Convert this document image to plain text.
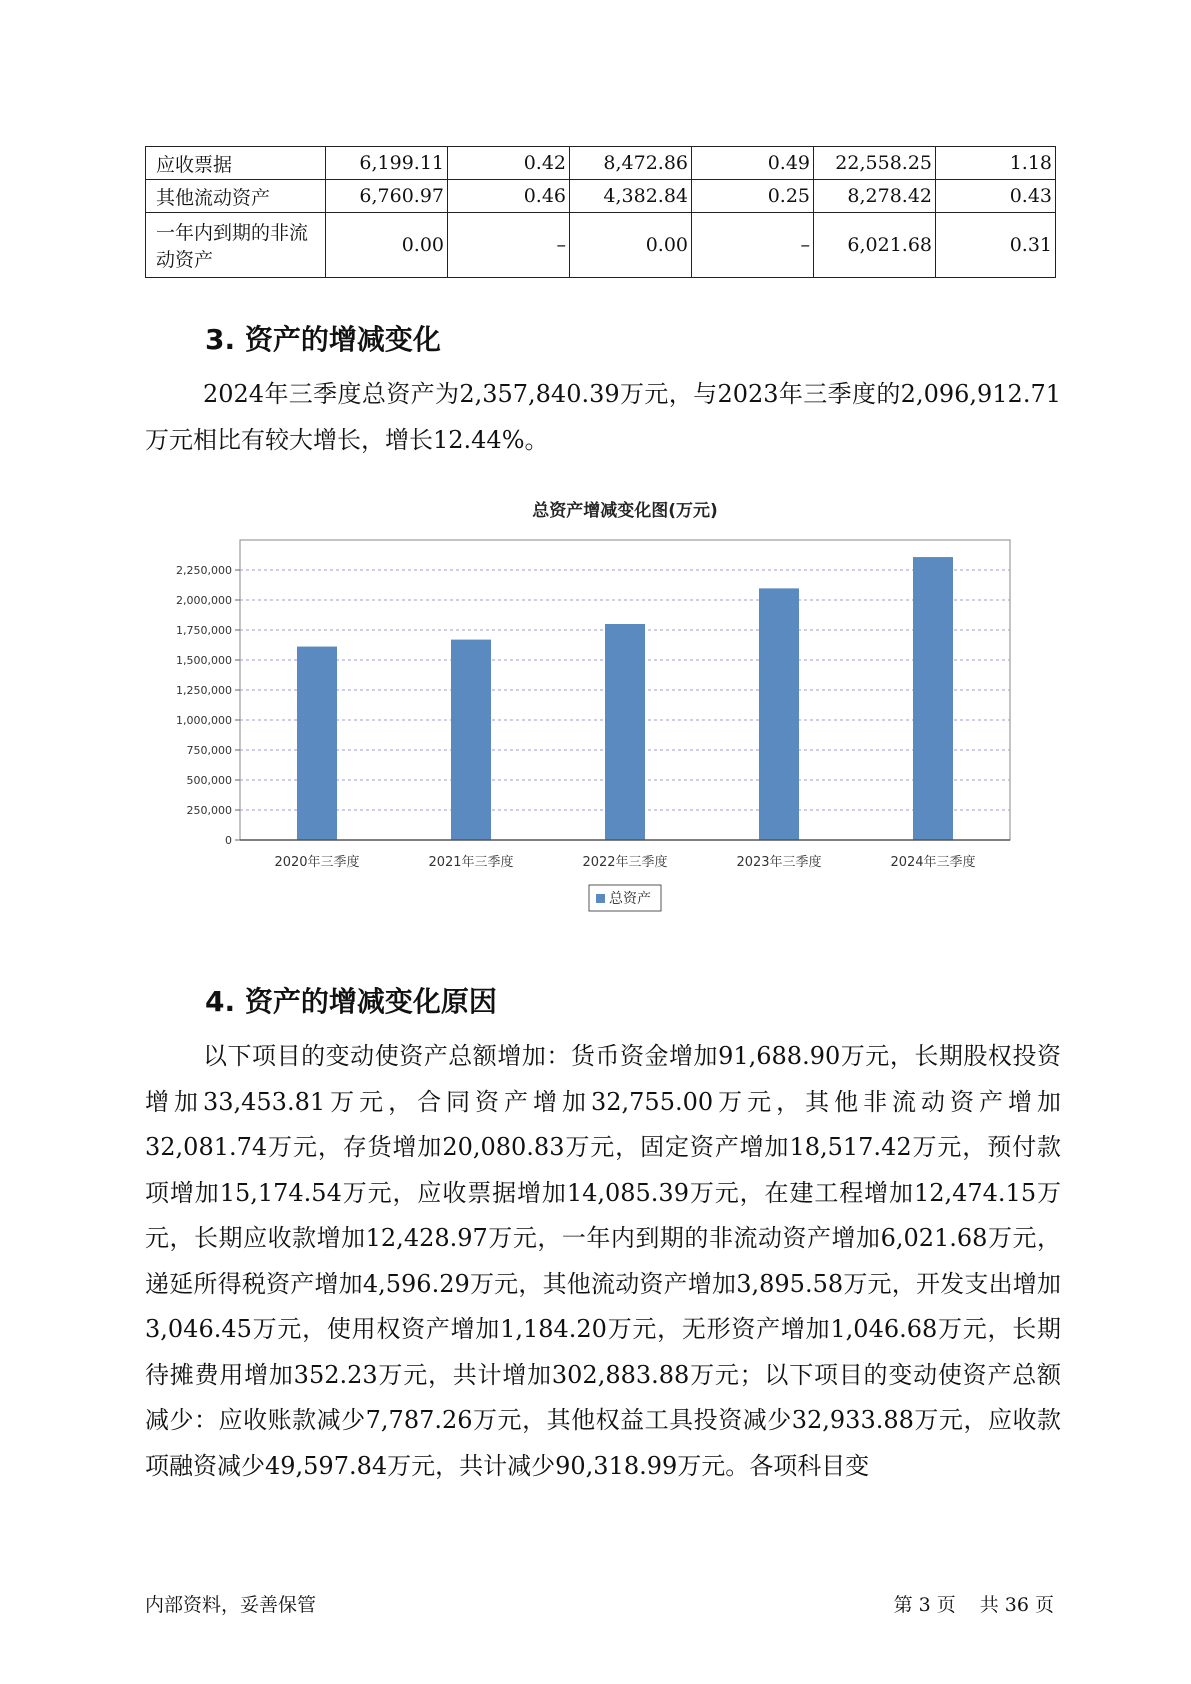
应收票据	6,199.11	0.42	8,472.86	0.49	22,558.25	1.18
其他流动资产	6,760.97	0.46	4,382.84	0.25	8,278.42	0.43
一年内到期的非流动资产	0.00	–	0.00	–	6,021.68	0.31
3. 资产的增减变化

2024年三季度总资产为2,357,840.39万元，与2023年三季度的2,096,912.71万元相比有较大增长，增长12.44%。

总资产增减变化图(万元)
0
250,000
500,000
750,000
1,000,000
1,250,000
1,500,000
1,750,000
2,000,000
2,250,000
2020年三季度	2021年三季度	2022年三季度	2023年三季度	2024年三季度
总资产
4. 资产的增减变化原因

以下项目的变动使资产总额增加：货币资金增加91,688.90万元，长期股权投资增加33,453.81万元，合同资产增加32,755.00万元，其他非流动资产增加32,081.74万元，存货增加20,080.83万元，固定资产增加18,517.42万元，预付款项增加15,174.54万元，应收票据增加14,085.39万元，在建工程增加12,474.15万元，长期应收款增加12,428.97万元，一年内到期的非流动资产增加6,021.68万元，递延所得税资产增加4,596.29万元，其他流动资产增加3,895.58万元，开发支出增加3,046.45万元，使用权资产增加1,184.20万元，无形资产增加1,046.68万元，长期待摊费用增加352.23万元，共计增加302,883.88万元；以下项目的变动使资产总额减少：应收账款减少7,787.26万元，其他权益工具投资减少32,933.88万元，应收款项融资减少49,597.84万元，共计减少90,318.99万元。各项科目变

内部资料，妥善保管	第 3 页 共 36 页
